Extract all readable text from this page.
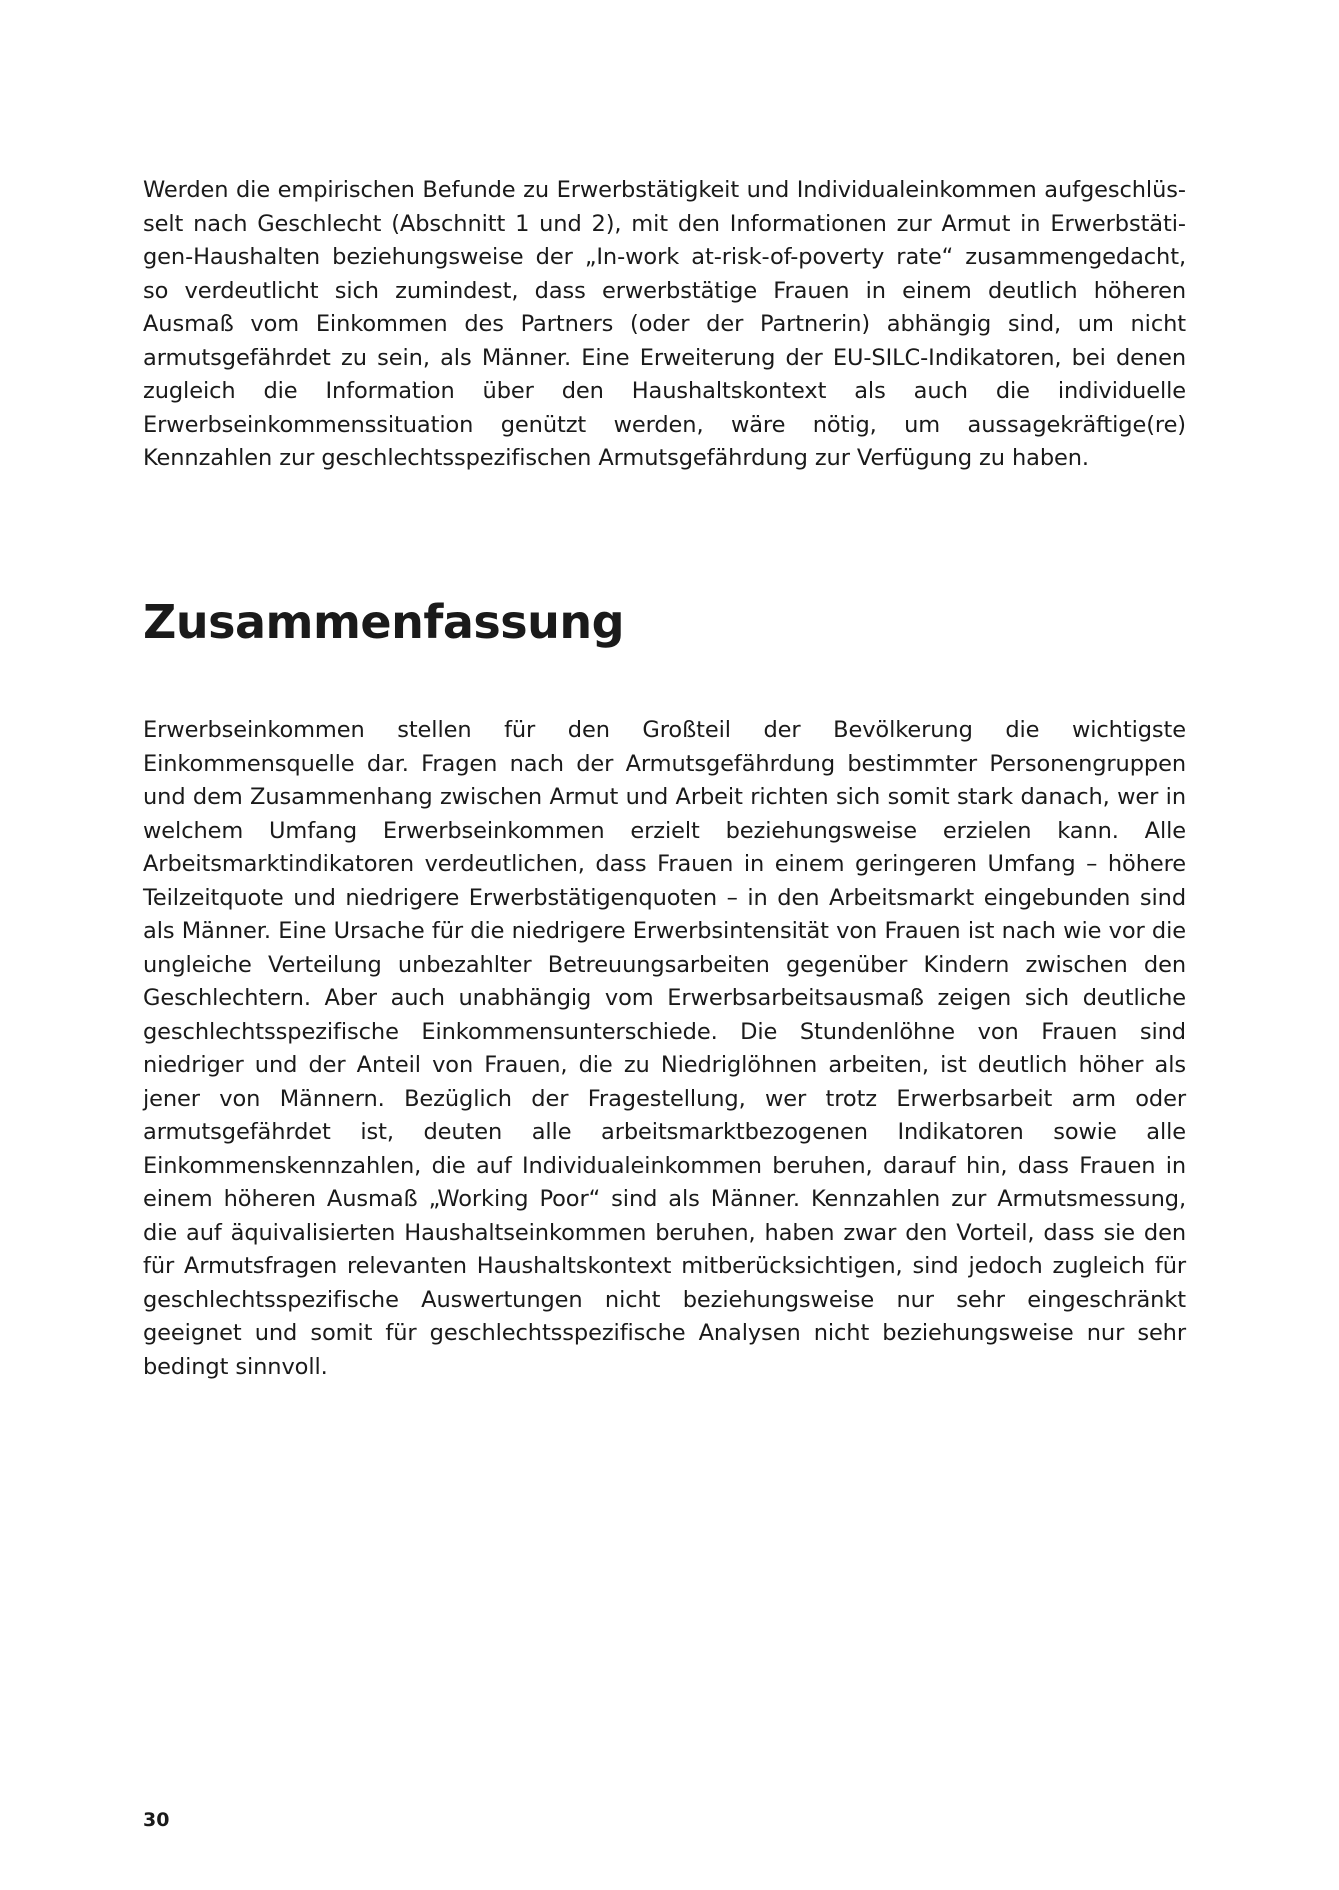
Werden die empirischen Befunde zu Erwerbstätigkeit und Individualeinkommen aufgeschlüsselt nach Geschlecht (Abschnitt 1 und 2), mit den Informationen zur Armut in Erwerbstätigen-Haushalten beziehungsweise der „In-work at-risk-of-poverty rate“ zusammengedacht, so verdeutlicht sich zumindest, dass erwerbstätige Frauen in einem deutlich höheren Ausmaß vom Einkommen des Partners (oder der Partnerin) abhängig sind, um nicht armutsgefährdet zu sein, als Männer. Eine Erweiterung der EU-SILC-Indikatoren, bei denen zugleich die Information über den Haushaltskontext als auch die individuelle Erwerbseinkommenssituation genützt werden, wäre nötig, um aussagekräftige(re) Kennzahlen zur geschlechtsspezifischen Armutsgefährdung zur Verfügung zu haben.

Zusammenfassung

Erwerbseinkommen stellen für den Großteil der Bevölkerung die wichtigste Einkommensquelle dar. Fragen nach der Armutsgefährdung bestimmter Personengruppen und dem Zusammenhang zwischen Armut und Arbeit richten sich somit stark danach, wer in welchem Umfang Erwerbseinkommen erzielt beziehungsweise erzielen kann. Alle Arbeitsmarktindikatoren verdeutlichen, dass Frauen in einem geringeren Umfang – höhere Teilzeitquote und niedrigere Erwerbstätigenquoten – in den Arbeitsmarkt eingebunden sind als Männer. Eine Ursache für die niedrigere Erwerbsintensität von Frauen ist nach wie vor die ungleiche Verteilung unbezahlter Betreuungsarbeiten gegenüber Kindern zwischen den Geschlechtern. Aber auch unabhängig vom Erwerbsarbeitsausmaß zeigen sich deutliche geschlechtsspezifische Einkommensunterschiede. Die Stundenlöhne von Frauen sind niedriger und der Anteil von Frauen, die zu Niedriglöhnen arbeiten, ist deutlich höher als jener von Männern. Bezüglich der Fragestellung, wer trotz Erwerbsarbeit arm oder armutsgefährdet ist, deuten alle arbeitsmarktbezogenen Indikatoren sowie alle Einkommenskennzahlen, die auf Individualeinkommen beruhen, darauf hin, dass Frauen in einem höheren Ausmaß „Working Poor“ sind als Männer. Kennzahlen zur Armutsmessung, die auf äquivalisierten Haushaltseinkommen beruhen, haben zwar den Vorteil, dass sie den für Armutsfragen relevanten Haushaltskontext mitberücksichtigen, sind jedoch zugleich für geschlechtsspezifische Auswertungen nicht beziehungsweise nur sehr eingeschränkt geeignet und somit für geschlechtsspezifische Analysen nicht beziehungsweise nur sehr bedingt sinnvoll.

30
